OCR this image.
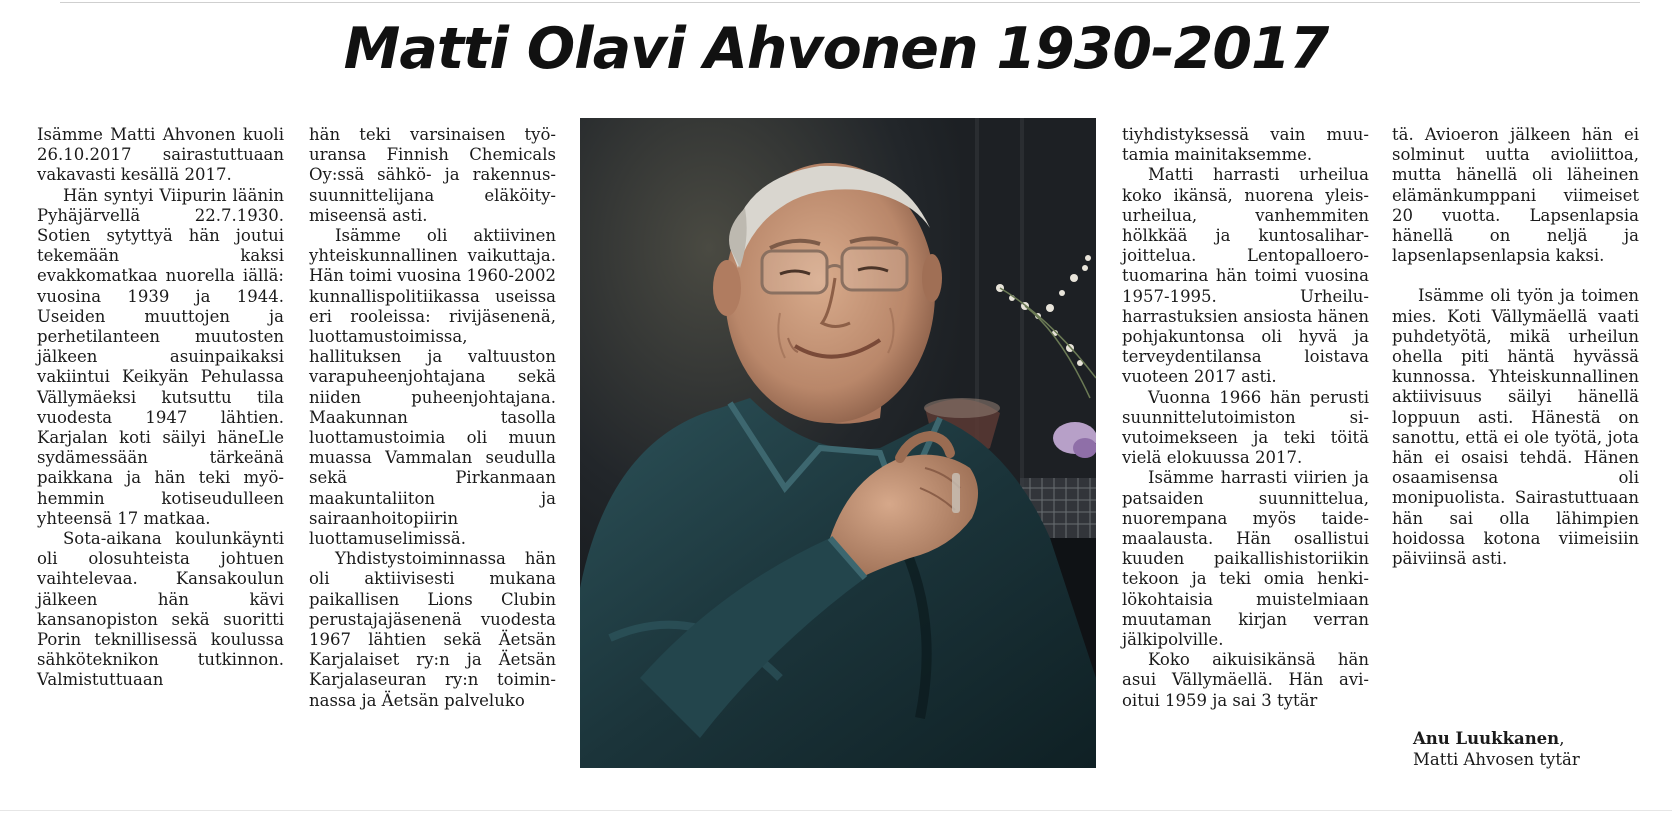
Matti Olavi Ahvonen 1930-2017

Isämme Matti Ahvonen kuoli 26.10.2017 sairastuttuaan vakavasti kesällä 2017.

Hän syntyi Viipurin läänin Pyhäjärvellä 22.7.1930. Sotien sytyttyä hän joutui tekemään kaksi evakkomatkaa nuorella iällä: vuosina 1939 ja 1944. Useiden muuttojen ja perhetilanteen muutosten jälkeen asuinpaikaksi vakiintui Keikyän Pehulassa Vällymäeksi kutsuttu tila vuodesta 1947 lähtien. Karjalan koti säilyi häneLle sydämessään tärkeänä paikkana ja hän teki myöhemmin kotiseudulleen yhteensä 17 matkaa.

Sota-aikana koulunkäynti oli olosuhteista johtuen vaihtelevaa. Kansakoulun jälkeen hän kävi kansanopiston sekä suoritti Porin teknillisessä koulussa sähköteknikon tutkinnon. Valmistuttuaan

hän teki varsinaisen työuransa Finnish Chemicals Oy:ssä sähkö- ja rakennussuunnittelijana eläköitymiseensä asti.

Isämme oli aktiivinen yhteiskunnallinen vaikuttaja. Hän toimi vuosina 1960-2002 kunnallispolitiikassa useissa eri rooleissa: rivijäsenenä, luottamustoimissa, hallituksen ja valtuuston varapuheenjohtajana sekä niiden puheenjohtajana. Maakunnan tasolla luottamustoimia oli muun muassa Vammalan seudulla sekä Pirkanmaan maakuntaliiton ja sairaanhoitopiirin luottamuselimissä.

Yhdistystoiminnassa hän oli aktiivisesti mukana paikallisen Lions Clubin perustajajäsenenä vuodesta 1967 lähtien sekä Äetsän Karjalaiset ry:n ja Äetsän Karjalaseuran ry:n toiminnassa ja Äetsän palveluko

tiyhdistyksessä vain muutamia mainitaksemme.

Matti harrasti urheilua koko ikänsä, nuorena yleisurheilua, vanhemmiten hölkkää ja kuntosaliharjoittelua. Lentopalloerotuomarina hän toimi vuosina 1957-1995. Urheiluharrastuksien ansiosta hänen pohjakuntonsa oli hyvä ja terveydentilansa loistava vuoteen 2017 asti.

Vuonna 1966 hän perusti suunnittelutoimiston sivutoimekseen ja teki töitä vielä elokuussa 2017.

Isämme harrasti viirien ja patsaiden suunnittelua, nuorempana myös taidemaalausta. Hän osallistui kuuden paikallishistoriikin tekoon ja teki omia henkilökohtaisia muistelmiaan muutaman kirjan verran jälkipolville.

Koko aikuisikänsä hän asui Vällymäellä. Hän avioitui 1959 ja sai 3 tytär

tä. Avioeron jälkeen hän ei solminut uutta avioliittoa, mutta hänellä oli läheinen elämänkumppani viimeiset 20 vuotta. Lapsenlapsia hänellä on neljä ja lapsenlapsenlapsia kaksi.

Isämme oli työn ja toimen mies. Koti Vällymäellä vaati puhdetyötä, mikä urheilun ohella piti häntä hyvässä kunnossa. Yhteiskunnallinen aktiivisuus säilyi hänellä loppuun asti. Hänestä on sanottu, että ei ole työtä, jota hän ei osaisi tehdä. Hänen osaamisensa oli monipuolista. Sairastuttuaan hän sai olla lähimpien hoidossa kotona viimeisiin päiviinsä asti.

Anu Luukkanen,
Matti Ahvosen tytär
